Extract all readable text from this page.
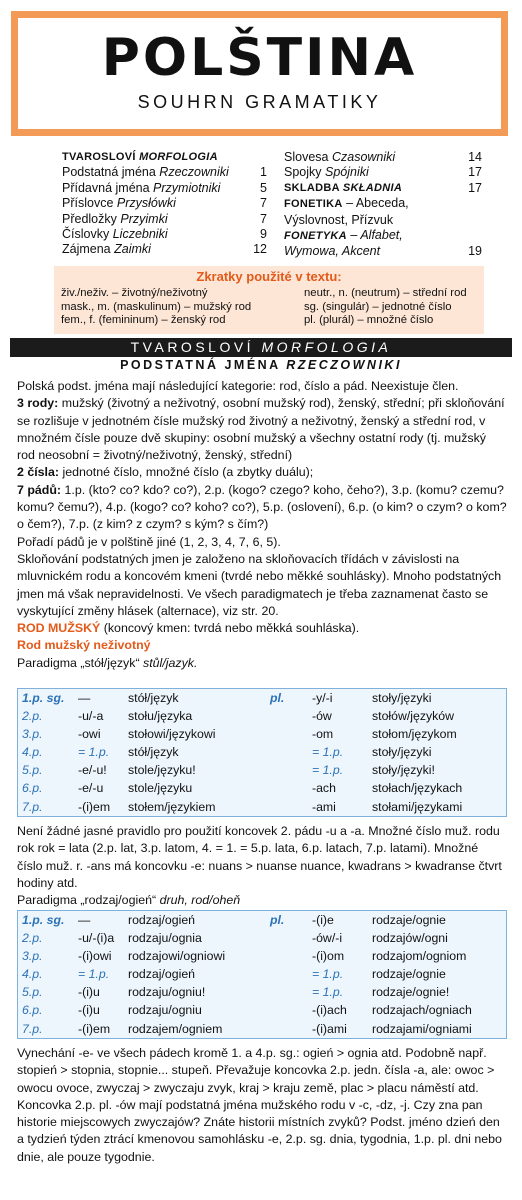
POLŠTINA
SOUHRN GRAMATIKY
TVAROSLOVÍ MORFOLOGIA
Podstatná jména Rzeczowniki	1
Přídavná jména Przymiotniki	5
Příslovce Przysłówki	7
Předložky Przyimki	7
Číslovky Liczebniki	9
Zájmena Zaimki	12
Slovesa Czasowniki	14
Spojky Spójniki	17
SKLADBA SKŁADNIA	17
FONETIKA – Abeceda,
Výslovnost, Přízvuk
FONETYKA – Alfabet,
Wymowa, Akcent	19
Zkratky použité v textu:
živ./neživ. – životný/neživotný
mask., m. (maskulinum) – mužský rod
fem., f. (femininum) – ženský rod
neutr., n. (neutrum) – střední rod
sg. (singulár) – jednotné číslo
pl. (plurál) – množné číslo
TVAROSLOVÍ MORFOLOGIA
PODSTATNÁ JMÉNA RZECZOWNIKI
Polská podst. jména mají následující kategorie: rod, číslo a pád. Neexistuje člen.
3 rody: mužský (životný a neživotný, osobní mužský rod), ženský, střední; při skloňování se rozlišuje v jednotném čísle mužský rod životný a neživotný, ženský a střední rod, v množném čísle pouze dvě skupiny: osobní mužský a všechny ostatní rody (tj. mužský rod neosobní = životný/neživotný, ženský, střední)
2 čísla: jednotné číslo, množné číslo (a zbytky duálu);
7 pádů: 1.p. (kto? co? kdo? co?), 2.p. (kogo? czego? koho, čeho?), 3.p. (komu? czemu? komu? čemu?), 4.p. (kogo? co? koho? co?), 5.p. (oslovení), 6.p. (o kim? o czym? o kom? o čem?), 7.p. (z kim? z czym? s kým? s čím?)
Pořadí pádů je v polštině jiné (1, 2, 3, 4, 7, 6, 5).
Skloňování podstatných jmen je založeno na skloňovacích třídách v závislosti na mluvnickém rodu a koncovém kmeni (tvrdé nebo měkké souhlásky). Mnoho podstatných jmen má však nepravidelnosti. Ve všech paradigmatech je třeba zaznamenat často se vyskytující změny hlásek (alternace), viz str. 20.
ROD MUŽSKÝ (koncový kmen: tvrdá nebo měkká souhláska).
Rod mužský neživotný
Paradigma „stół/język“ stůl/jazyk.
1.p. sg. —	stół/język	pl. -y/-i	stoły/języki
2.p.	-u/-a stołu/języka	-ów	stołów/języków
3.p.	-owi stołowi/językowi	-om	stołom/językom
4.p.	= 1.p. stół/język	= 1.p. stoły/języki
5.p.	-e/-u! stole/języku!	= 1.p. stoły/języki!
6.p.	-e/-u stole/języku	-ach	stołach/językach
7.p.	-(i)em stołem/językiem	-ami	stołami/językami
Není žádné jasné pravidlo pro použití koncovek 2. pádu -u a -a. Množné číslo muž. rodu rok rok = lata (2.p. lat, 3.p. latom, 4. = 1. = 5.p. lata, 6.p. latach, 7.p. latami). Množné číslo muž. r. -ans má koncovku -e: nuans > nuanse nuance, kwadrans > kwadranse čtvrt hodiny atd.
Paradigma „rodzaj/ogień“ druh, rod/oheň
1.p. sg. —	rodzaj/ogień	pl. -(i)e	rodzaje/ognie
2.p.	-u/-(i)a rodzaju/ognia	-ów/-i rodzajów/ogni
3.p.	-(i)owi rodzajowi/ogniowi	-(i)om rodzajom/ogniom
4.p.	= 1.p. rodzaj/ogień	= 1.p. rodzaje/ognie
5.p.	-(i)u rodzaju/ogniu!	= 1.p. rodzaje/ognie!
6.p.	-(i)u rodzaju/ogniu	-(i)ach rodzajach/ogniach
7.p.	-(i)em rodzajem/ogniem	-(i)ami rodzajami/ogniami
Vynechání -e- ve všech pádech kromě 1. a 4.p. sg.: ogień > ognia atd. Podobně např. stopień > stopnia, stopnie... stupeň. Převažuje koncovka 2.p. jedn. čísla -a, ale: owoc > owocu ovoce, zwyczaj > zwyczaju zvyk, kraj > kraju země, plac > placu náměstí atd. Koncovka 2.p. pl. -ów mají podstatná jména mužského rodu v -c, -dz, -j. Czy zna pan historie miejscowych zwyczajów? Znáte historii místních zvyků? Podst. jméno dzień den a tydzień týden ztrácí kmenovou samohlásku -e, 2.p. sg. dnia, tygodnia, 1.p. pl. dni nebo dnie, ale pouze tygodnie.
